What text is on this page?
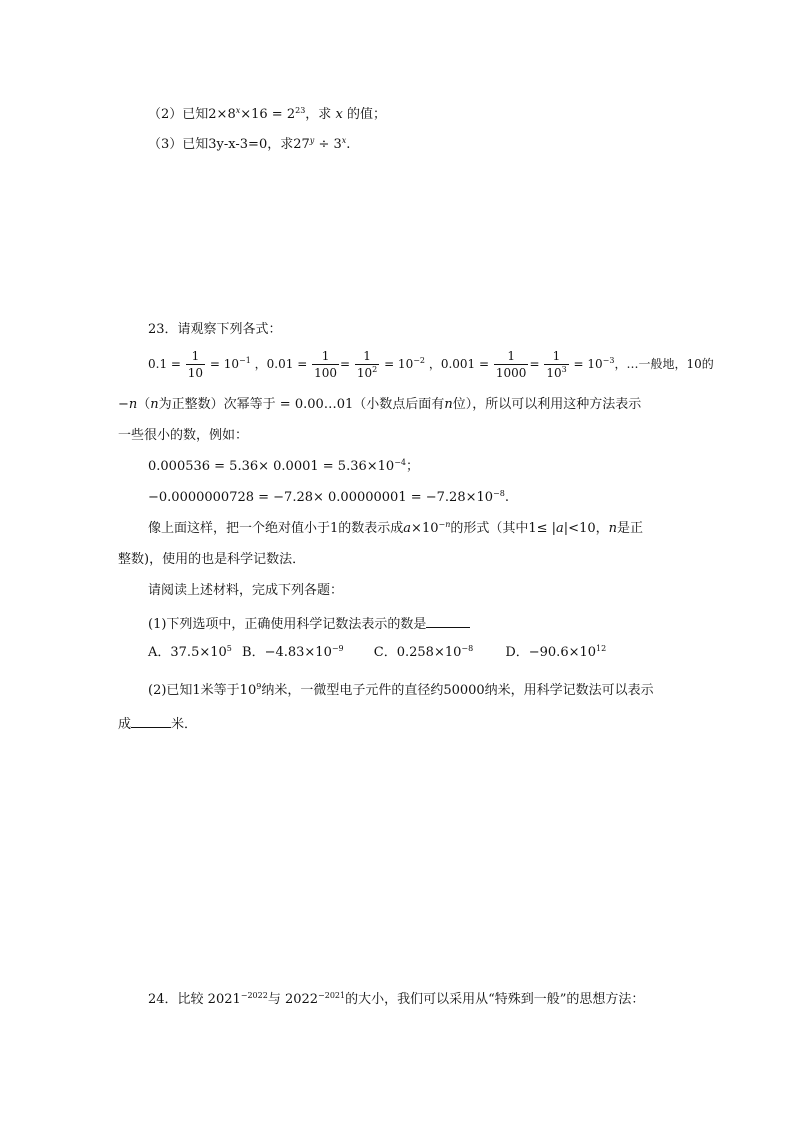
（2）已知$2\times 8^x\times 16 = 2^{23}$，求 x 的值；
（3）已知3y-x-3=0，求$27^y \div 3^x$.
23．请观察下列各式：
$0.1 = \frac{1}{10} = 10^{-1}$ ，$0.01 = \frac{1}{100} = \frac{1}{10^2} = 10^{-2}$ ，$0.001 = \frac{1}{1000} = \frac{1}{10^3} = 10^{-3}$，…一般地，10的
−n（n为正整数）次幂等于 = 0.00…01（小数点后面有n位），所以可以利用这种方法表示
一些很小的数，例如：
$0.000536 = 5.36\times 0.0001 = 5.36\times 10^{-4}$；
$-0.0000000728 = -7.28\times 0.00000001 = -7.28\times 10^{-8}$.
像上面这样，把一个绝对值小于1的数表示成$a\times 10^{-n}$的形式（其中1≤ |a|<10，n是正
整数)，使用的也是科学记数法．
请阅读上述材料，完成下列各题：
(1)下列选项中，正确使用科学记数法表示的数是
A．$37.5\times 10^5$ B．$-4.83\times 10^{-9}$ C．$0.258\times 10^{-8}$ D．$-90.6\times 10^{12}$
(2)已知1米等于$10^9$纳米，一微型电子元件的直径约50000纳米，用科学记数法可以表示
成	米．
24．比较 $2021^{-2022}$与 $2022^{-2021}$的大小，我们可以采用从“特殊到一般”的思想方法：
